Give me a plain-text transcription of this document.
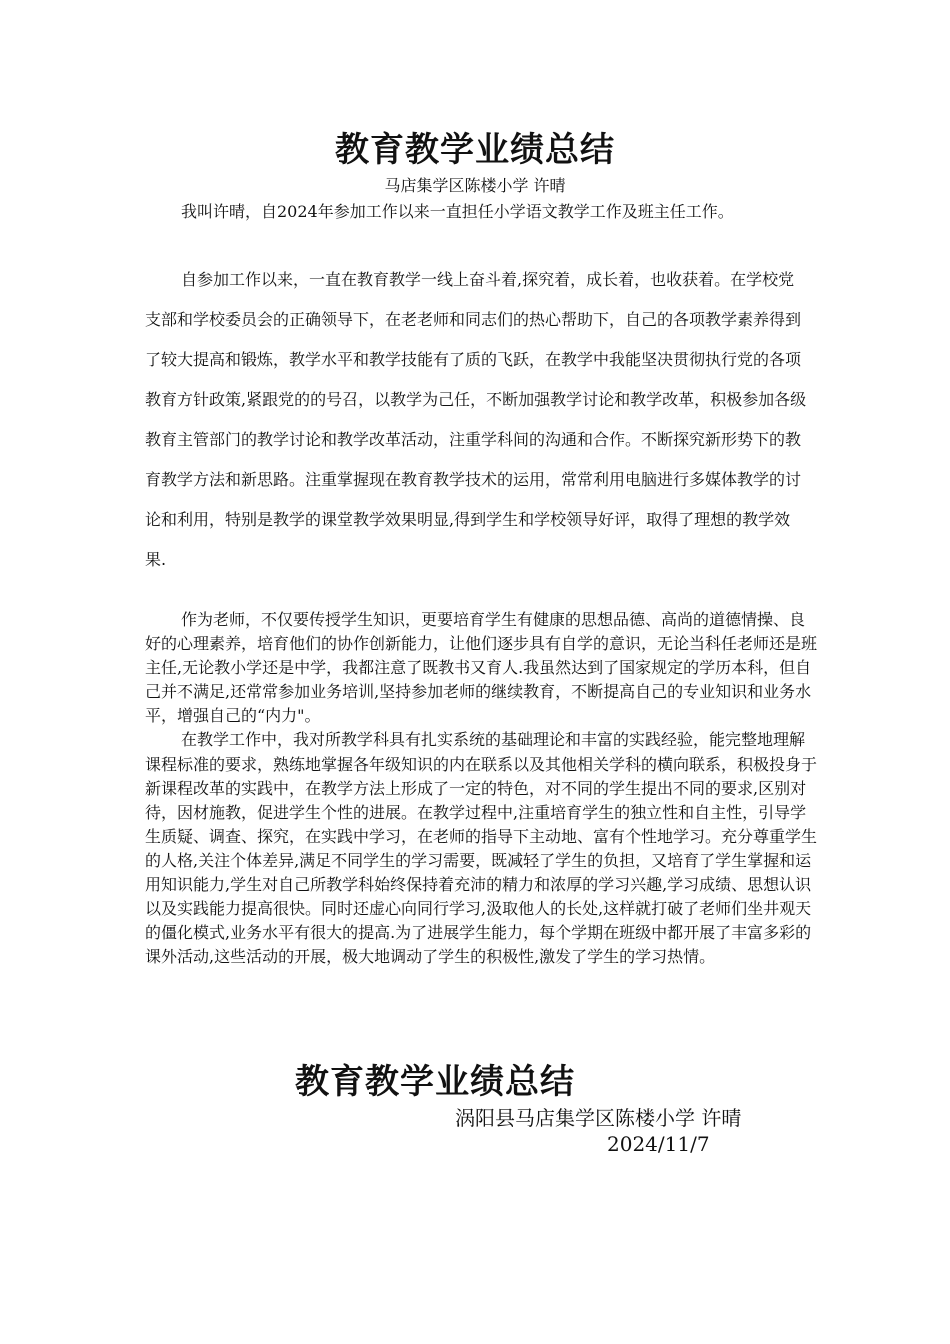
教育教学业绩总结
马店集学区陈楼小学 许晴

我叫许晴，自2024年参加工作以来一直担任小学语文教学工作及班主任工作。

自参加工作以来，一直在教育教学一线上奋斗着,探究着，成长着，也收获着。在学校党支部和学校委员会的正确领导下，在老老师和同志们的热心帮助下，自己的各项教学素养得到了较大提高和锻炼，教学水平和教学技能有了质的飞跃，在教学中我能坚决贯彻执行党的各项教育方针政策,紧跟党的的号召，以教学为己任，不断加强教学讨论和教学改革，积极参加各级教育主管部门的教学讨论和教学改革活动，注重学科间的沟通和合作。不断探究新形势下的教育教学方法和新思路。注重掌握现在教育教学技术的运用，常常利用电脑进行多媒体教学的讨论和利用，特别是教学的课堂教学效果明显,得到学生和学校领导好评，取得了理想的教学效果.

作为老师，不仅要传授学生知识，更要培育学生有健康的思想品德、高尚的道德情操、良好的心理素养，培育他们的协作创新能力，让他们逐步具有自学的意识，无论当科任老师还是班主任,无论教小学还是中学，我都注意了既教书又育人.我虽然达到了国家规定的学历本科，但自己并不满足,还常常参加业务培训,坚持参加老师的继续教育，不断提高自己的专业知识和业务水平，增强自己的“内力"。

在教学工作中，我对所教学科具有扎实系统的基础理论和丰富的实践经验，能完整地理解课程标准的要求，熟练地掌握各年级知识的内在联系以及其他相关学科的横向联系，积极投身于新课程改革的实践中，在教学方法上形成了一定的特色，对不同的学生提出不同的要求,区别对待，因材施教，促进学生个性的进展。在教学过程中,注重培育学生的独立性和自主性，引导学生质疑、调查、探究，在实践中学习，在老师的指导下主动地、富有个性地学习。充分尊重学生的人格,关注个体差异,满足不同学生的学习需要，既减轻了学生的负担，又培育了学生掌握和运用知识能力,学生对自己所教学科始终保持着充沛的精力和浓厚的学习兴趣,学习成绩、思想认识以及实践能力提高很快。同时还虚心向同行学习,汲取他人的长处,这样就打破了老师们坐井观天的僵化模式,业务水平有很大的提高.为了进展学生能力，每个学期在班级中都开展了丰富多彩的课外活动,这些活动的开展，极大地调动了学生的积极性,激发了学生的学习热情。

教育教学业绩总结
涡阳县马店集学区陈楼小学 许晴
2024/11/7
